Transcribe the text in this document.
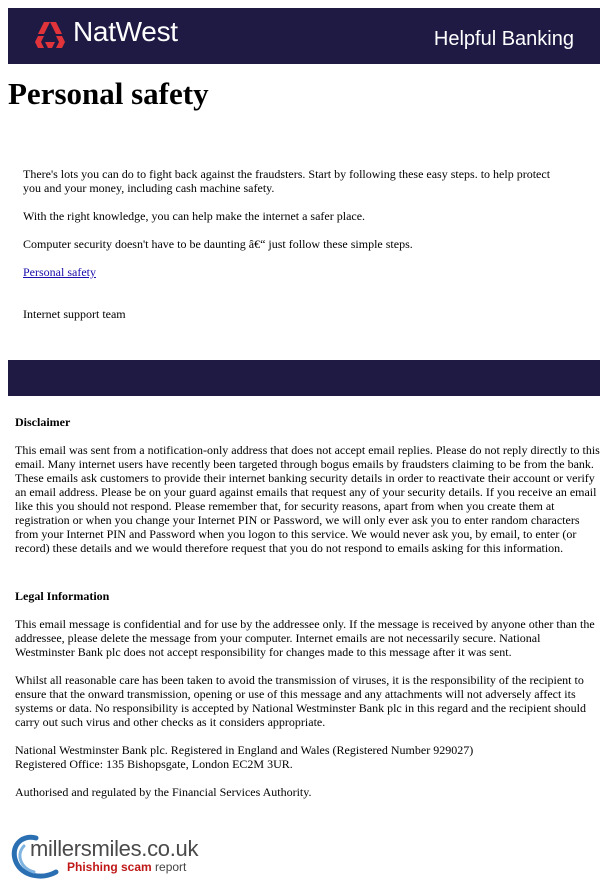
NatWest	Helpful Banking
Personal safety

There's lots you can do to fight back against the fraudsters. Start by following these easy steps. to help protect you and your money, including cash machine safety.

With the right knowledge, you can help make the internet a safer place.

Computer security doesn't have to be daunting â€“ just follow these simple steps.

Personal safety

Internet support team

Disclaimer

This email was sent from a notification-only address that does not accept email replies. Please do not reply directly to this email. Many internet users have recently been targeted through bogus emails by fraudsters claiming to be from the bank. These emails ask customers to provide their internet banking security details in order to reactivate their account or verify an email address. Please be on your guard against emails that request any of your security details. If you receive an email like this you should not respond. Please remember that, for security reasons, apart from when you create them at registration or when you change your Internet PIN or Password, we will only ever ask you to enter random characters from your Internet PIN and Password when you logon to this service. We would never ask you, by email, to enter (or record) these details and we would therefore request that you do not respond to emails asking for this information.

Legal Information

This email message is confidential and for use by the addressee only. If the message is received by anyone other than the addressee, please delete the message from your computer. Internet emails are not necessarily secure. National Westminster Bank plc does not accept responsibility for changes made to this message after it was sent.

Whilst all reasonable care has been taken to avoid the transmission of viruses, it is the responsibility of the recipient to ensure that the onward transmission, opening or use of this message and any attachments will not adversely affect its systems or data. No responsibility is accepted by National Westminster Bank plc in this regard and the recipient should carry out such virus and other checks as it considers appropriate.

National Westminster Bank plc. Registered in England and Wales (Registered Number 929027)

Registered Office: 135 Bishopsgate, London EC2M 3UR.

Authorised and regulated by the Financial Services Authority.

millersmiles.co.uk
Phishing scam report
